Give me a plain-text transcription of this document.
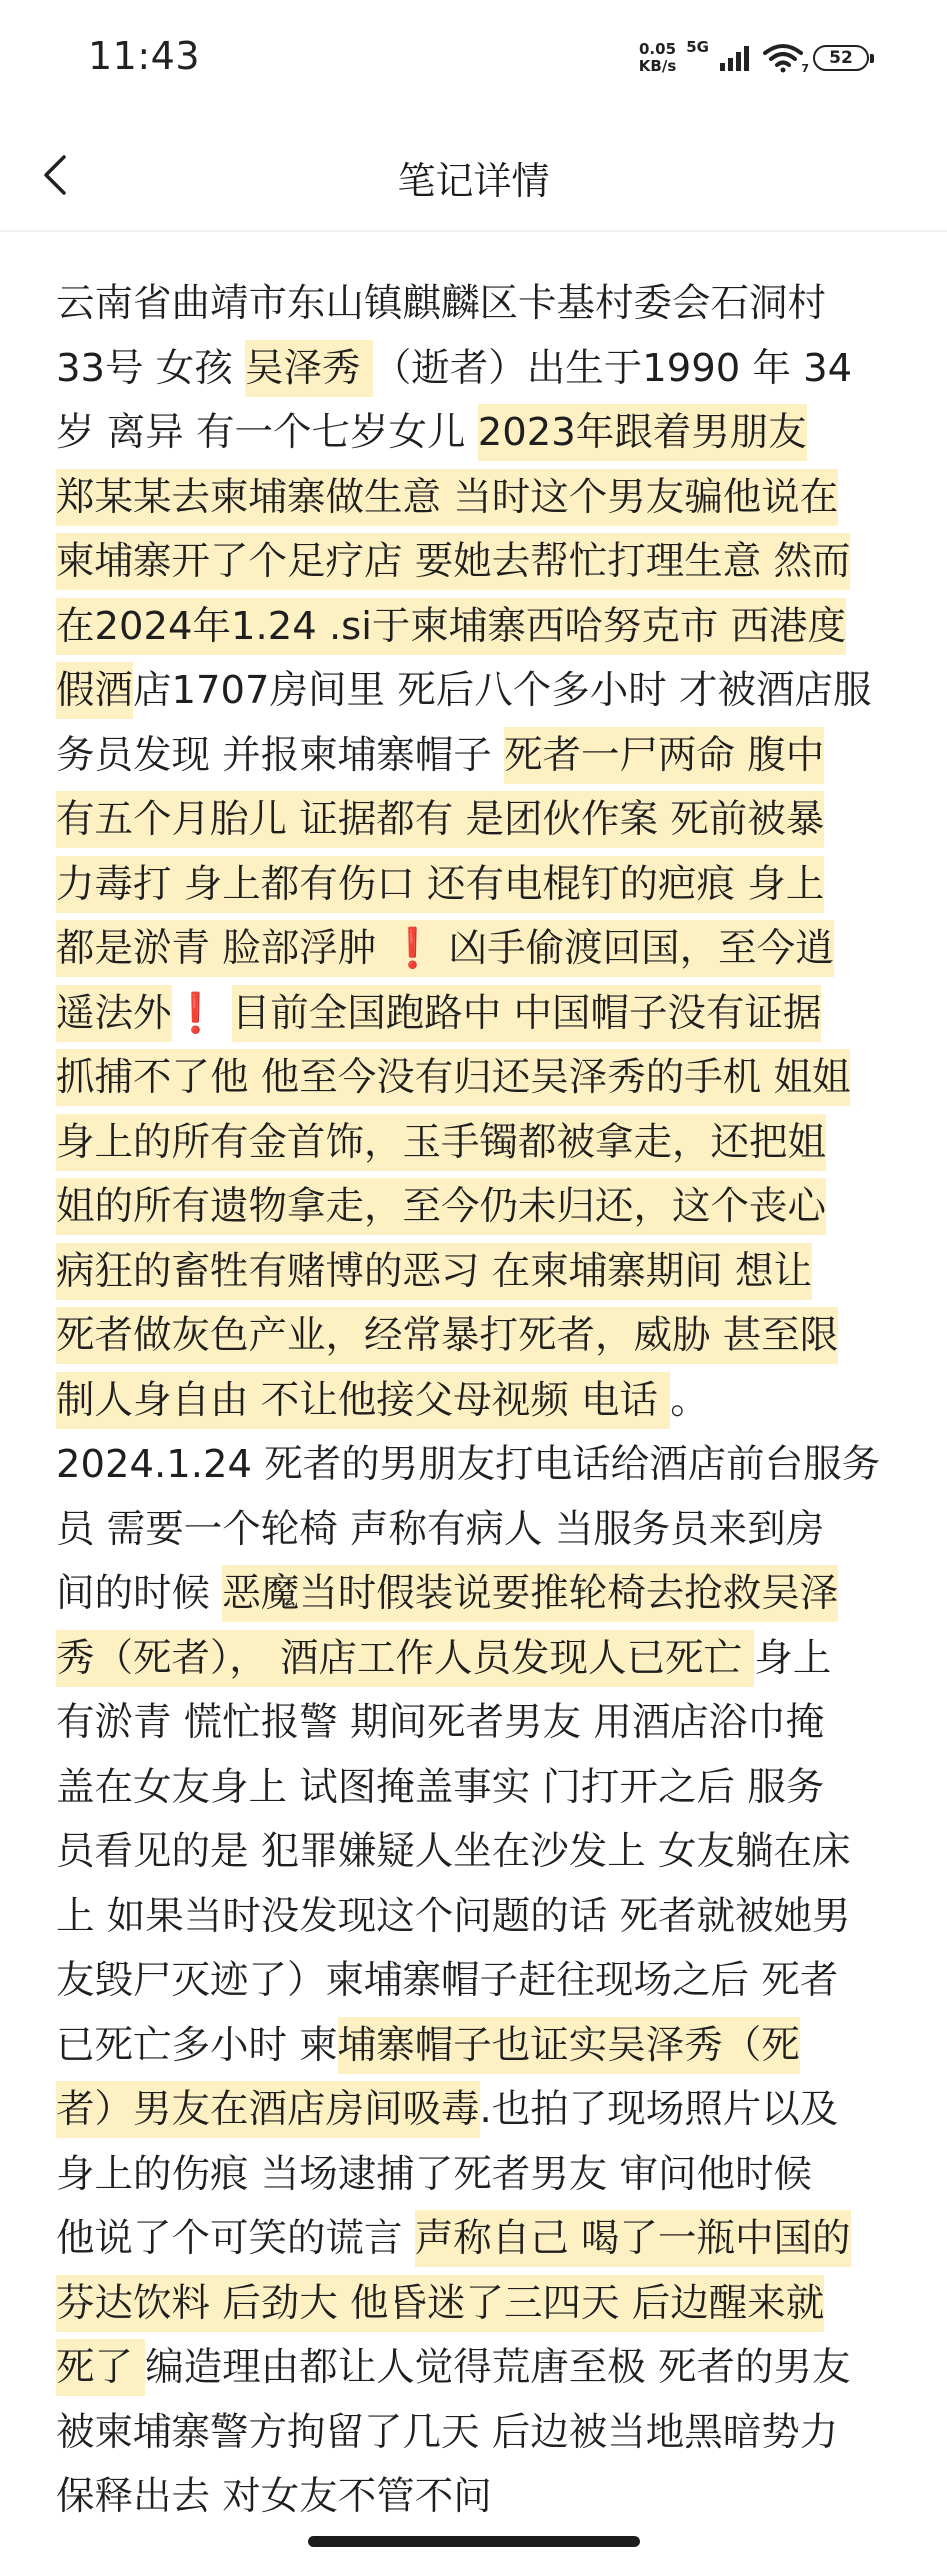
11:43	0.05
KB/s
5G
7
52
笔记详情
云南省曲靖市东山镇麒麟区卡基村委会石洞村
33号 女孩 吴泽秀 （逝者）出生于1990 年 34
岁 离异 有一个七岁女儿 2023年跟着男朋友
郑某某去柬埔寨做生意 当时这个男友骗他说在
柬埔寨开了个足疗店 要她去帮忙打理生意 然而
在2024年1.24 .si于柬埔寨西哈努克市 西港度
假酒店1707房间里 死后八个多小时 才被酒店服
务员发现 并报柬埔寨帽子 死者一尸两命 腹中
有五个月胎儿 证据都有 是团伙作案 死前被暴
力毒打 身上都有伤口 还有电棍钉的疤痕 身上
都是淤青 脸部浮肿 ❗ 凶手偷渡回国，至今逍
遥法外❗ 目前全国跑路中 中国帽子没有证据
抓捕不了他 他至今没有归还吴泽秀的手机 姐姐
身上的所有金首饰，玉手镯都被拿走，还把姐
姐的所有遗物拿走，至今仍未归还，这个丧心
病狂的畜牲有赌博的恶习 在柬埔寨期间 想让
死者做灰色产业，经常暴打死者，威胁 甚至限
制人身自由 不让他接父母视频 电话 。
2024.1.24 死者的男朋友打电话给酒店前台服务
员 需要一个轮椅 声称有病人 当服务员来到房
间的时候 恶魔当时假装说要推轮椅去抢救吴泽
秀（死者）， 酒店工作人员发现人已死亡 身上
有淤青 慌忙报警 期间死者男友 用酒店浴巾掩
盖在女友身上 试图掩盖事实 门打开之后 服务
员看见的是 犯罪嫌疑人坐在沙发上 女友躺在床
上 如果当时没发现这个问题的话 死者就被她男
友毁尸灭迹了）柬埔寨帽子赶往现场之后 死者
已死亡多小时 柬埔寨帽子也证实吴泽秀（死
者）男友在酒店房间吸毒.也拍了现场照片以及
身上的伤痕 当场逮捕了死者男友 审问他时候
他说了个可笑的谎言 声称自己 喝了一瓶中国的
芬达饮料 后劲大 他昏迷了三四天 后边醒来就
死了 编造理由都让人觉得荒唐至极 死者的男友
被柬埔寨警方拘留了几天 后边被当地黑暗势力
保释出去 对女友不管不问
